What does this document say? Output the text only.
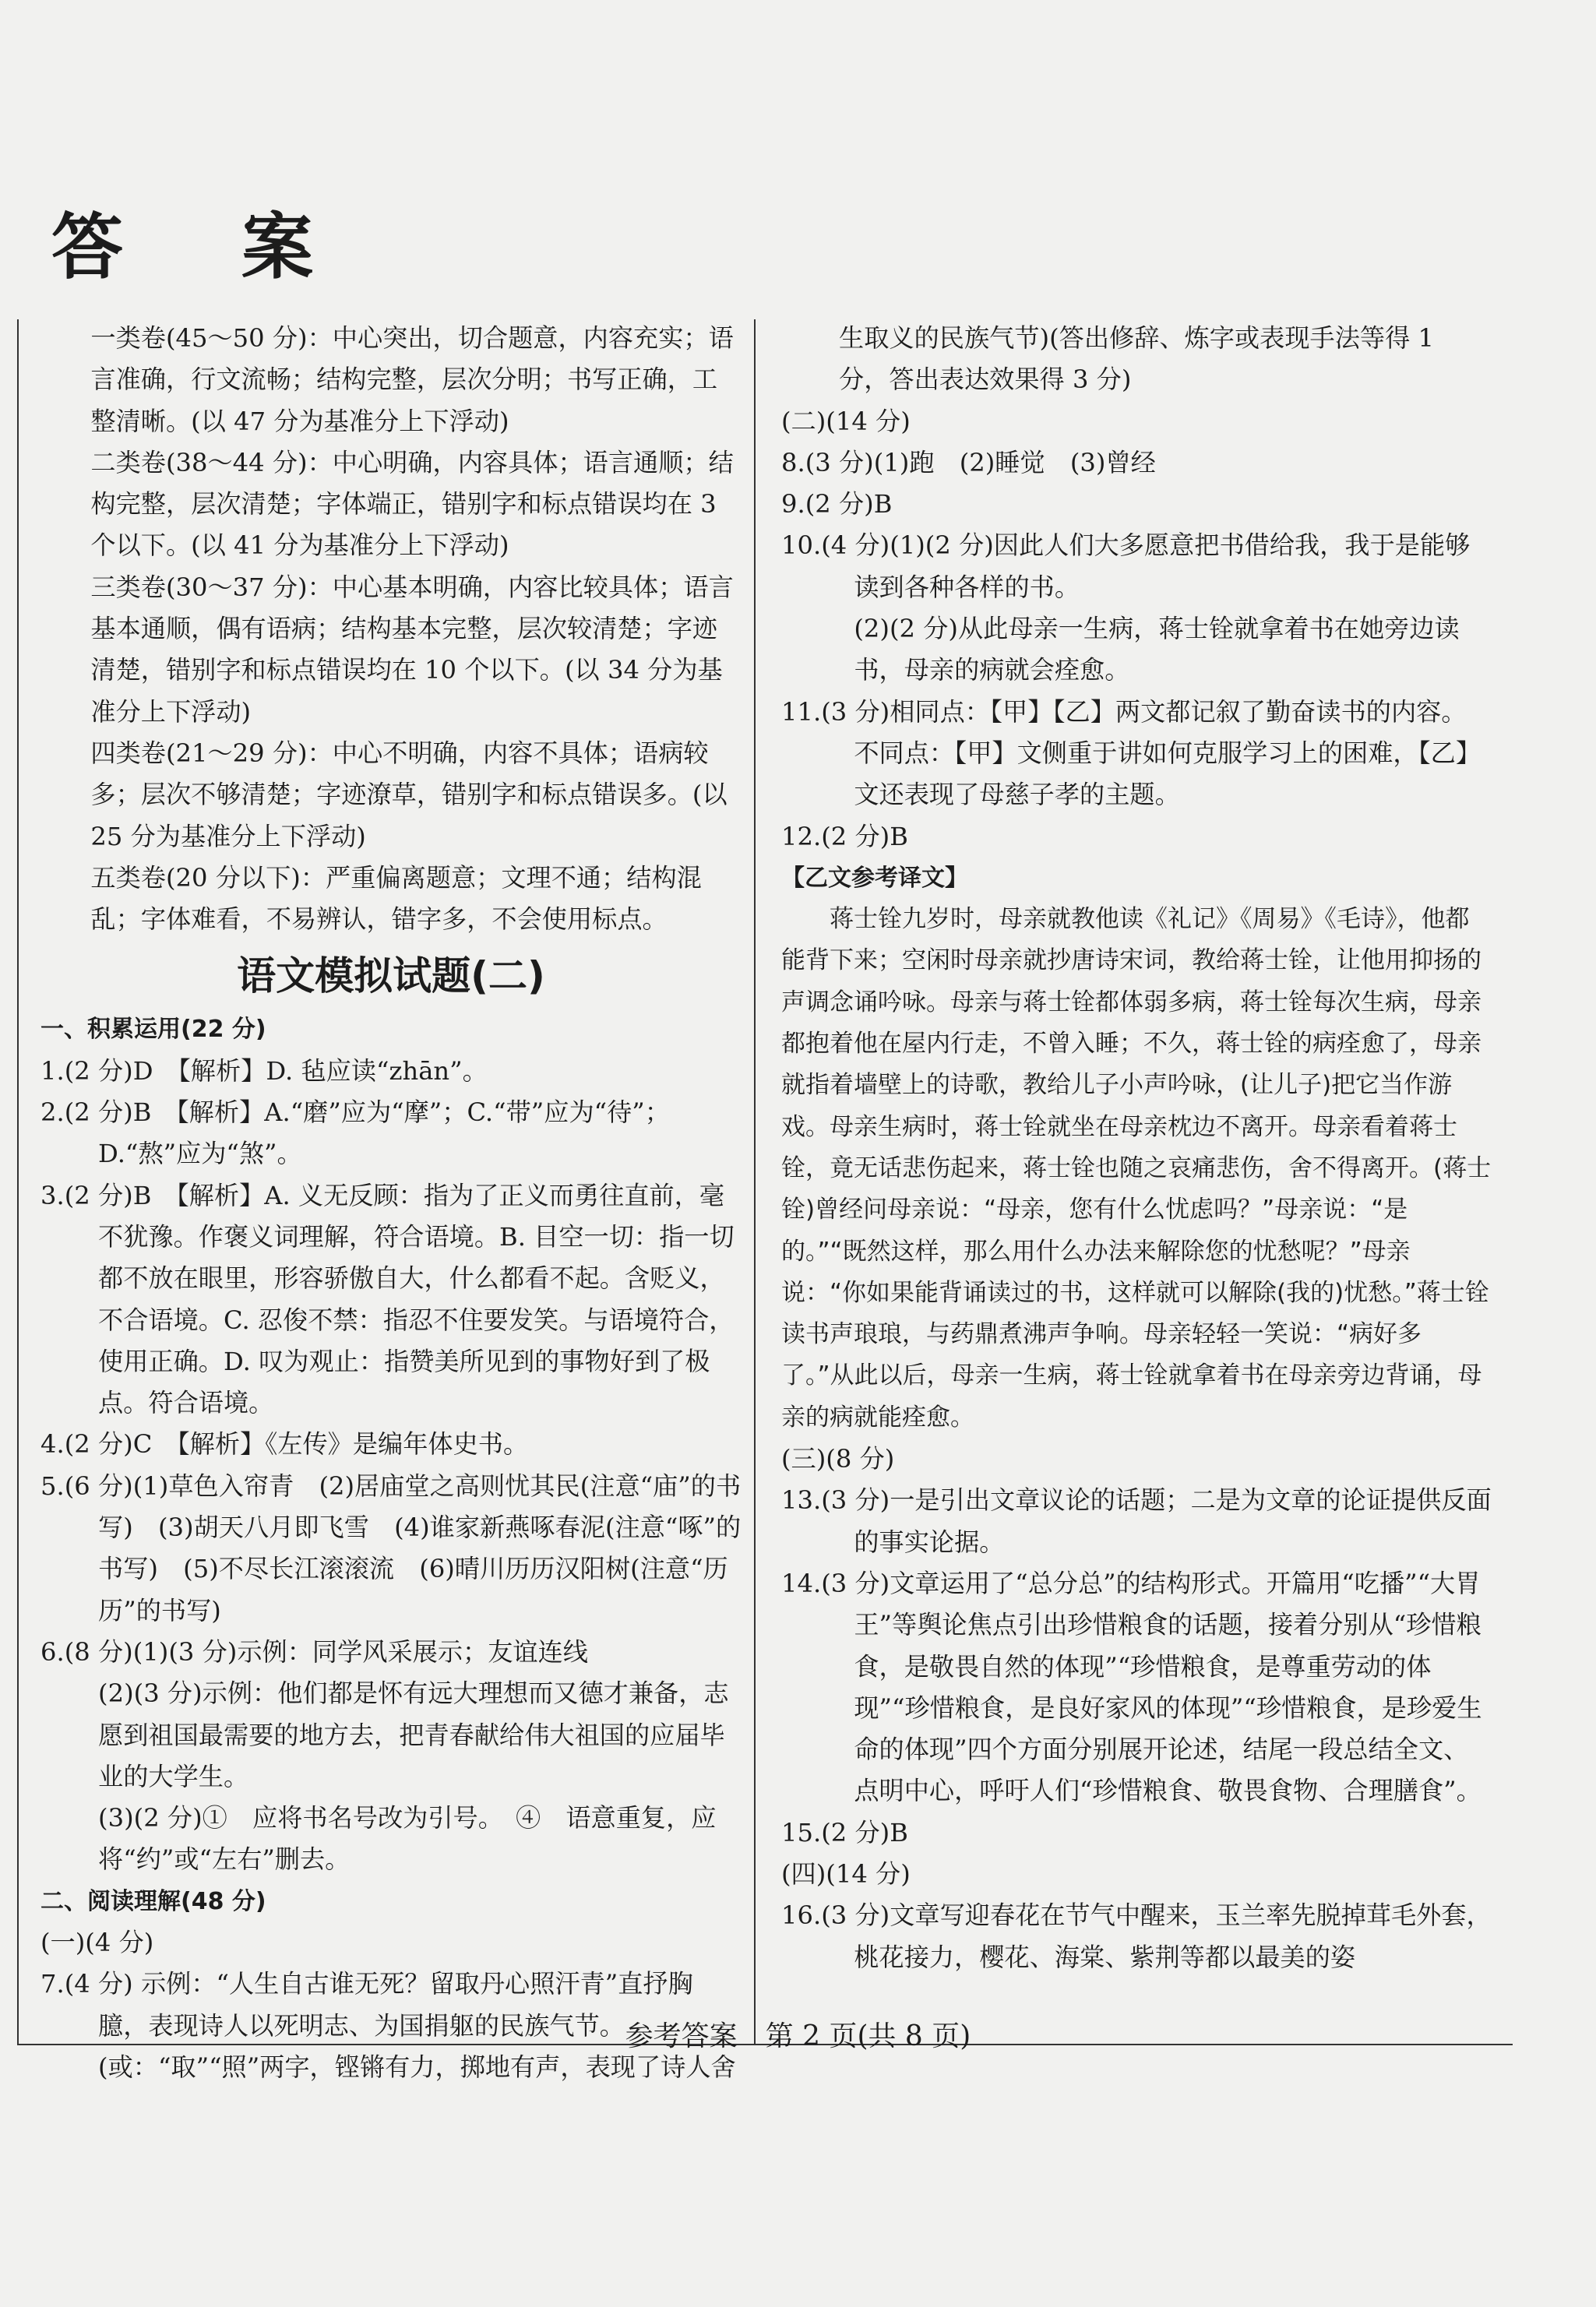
答 案

一类卷(45～50 分)：中心突出，切合题意，内容充实；语言准确，行文流畅；结构完整，层次分明；书写正确，工整清晰。(以 47 分为基准分上下浮动)

二类卷(38～44 分)：中心明确，内容具体；语言通顺；结构完整，层次清楚；字体端正，错别字和标点错误均在 3 个以下。(以 41 分为基准分上下浮动)

三类卷(30～37 分)：中心基本明确，内容比较具体；语言基本通顺，偶有语病；结构基本完整，层次较清楚；字迹清楚，错别字和标点错误均在 10 个以下。(以 34 分为基准分上下浮动)

四类卷(21～29 分)：中心不明确，内容不具体；语病较多；层次不够清楚；字迹潦草，错别字和标点错误多。(以 25 分为基准分上下浮动)

五类卷(20 分以下)：严重偏离题意；文理不通；结构混乱；字体难看，不易辨认，错字多，不会使用标点。

语文模拟试题(二)

一、积累运用(22 分)

1.(2 分)D　【解析】D. 毡应读“zhān”。

2.(2 分)B　【解析】A.“磨”应为“摩”；C.“带”应为“待”；D.“熬”应为“煞”。

3.(2 分)B　【解析】A. 义无反顾：指为了正义而勇往直前，毫不犹豫。作褒义词理解，符合语境。B. 目空一切：指一切都不放在眼里，形容骄傲自大，什么都看不起。含贬义，不合语境。C. 忍俊不禁：指忍不住要发笑。与语境符合，使用正确。D. 叹为观止：指赞美所见到的事物好到了极点。符合语境。

4.(2 分)C　【解析】《左传》是编年体史书。

5.(6 分)(1)草色入帘青　(2)居庙堂之高则忧其民(注意“庙”的书写)　(3)胡天八月即飞雪　(4)谁家新燕啄春泥(注意“啄”的书写)　(5)不尽长江滚滚流　(6)晴川历历汉阳树(注意“历历”的书写)

6.(8 分)(1)(3 分)示例：同学风采展示；友谊连线

(2)(3 分)示例：他们都是怀有远大理想而又德才兼备，志愿到祖国最需要的地方去，把青春献给伟大祖国的应届毕业的大学生。

(3)(2 分)①　应将书名号改为引号。　④　语意重复，应将“约”或“左右”删去。

二、阅读理解(48 分)

(一)(4 分)

7.(4 分) 示例：“人生自古谁无死？留取丹心照汗青”直抒胸臆，表现诗人以死明志、为国捐躯的民族气节。(或：“取”“照”两字，铿锵有力，掷地有声，表现了诗人舍

生取义的民族气节)(答出修辞、炼字或表现手法等得 1 分，答出表达效果得 3 分)

(二)(14 分)

8.(3 分)(1)跑　(2)睡觉　(3)曾经

9.(2 分)B

10.(4 分)(1)(2 分)因此人们大多愿意把书借给我，我于是能够读到各种各样的书。

(2)(2 分)从此母亲一生病，蒋士铨就拿着书在她旁边读书，母亲的病就会痊愈。

11.(3 分)相同点：【甲】【乙】两文都记叙了勤奋读书的内容。

不同点：【甲】文侧重于讲如何克服学习上的困难，【乙】文还表现了母慈子孝的主题。

12.(2 分)B

【乙文参考译文】

蒋士铨九岁时，母亲就教他读《礼记》《周易》《毛诗》，他都能背下来；空闲时母亲就抄唐诗宋词，教给蒋士铨，让他用抑扬的声调念诵吟咏。母亲与蒋士铨都体弱多病，蒋士铨每次生病，母亲都抱着他在屋内行走，不曾入睡；不久，蒋士铨的病痊愈了，母亲就指着墙壁上的诗歌，教给儿子小声吟咏，(让儿子)把它当作游戏。母亲生病时，蒋士铨就坐在母亲枕边不离开。母亲看着蒋士铨，竟无话悲伤起来，蒋士铨也随之哀痛悲伤，舍不得离开。(蒋士铨)曾经问母亲说：“母亲，您有什么忧虑吗？”母亲说：“是的。”“既然这样，那么用什么办法来解除您的忧愁呢？”母亲说：“你如果能背诵读过的书，这样就可以解除(我的)忧愁。”蒋士铨读书声琅琅，与药鼎煮沸声争响。母亲轻轻一笑说：“病好多了。”从此以后，母亲一生病，蒋士铨就拿着书在母亲旁边背诵，母亲的病就能痊愈。

(三)(8 分)

13.(3 分)一是引出文章议论的话题；二是为文章的论证提供反面的事实论据。

14.(3 分)文章运用了“总分总”的结构形式。开篇用“吃播”“大胃王”等舆论焦点引出珍惜粮食的话题，接着分别从“珍惜粮食，是敬畏自然的体现”“珍惜粮食，是尊重劳动的体现”“珍惜粮食，是良好家风的体现”“珍惜粮食，是珍爱生命的体现”四个方面分别展开论述，结尾一段总结全文、点明中心，呼吁人们“珍惜粮食、敬畏食物、合理膳食”。

15.(2 分)B

(四)(14 分)

16.(3 分)文章写迎春花在节气中醒来，玉兰率先脱掉茸毛外套，桃花接力，樱花、海棠、紫荆等都以最美的姿

参考答案　第 2 页(共 8 页)
